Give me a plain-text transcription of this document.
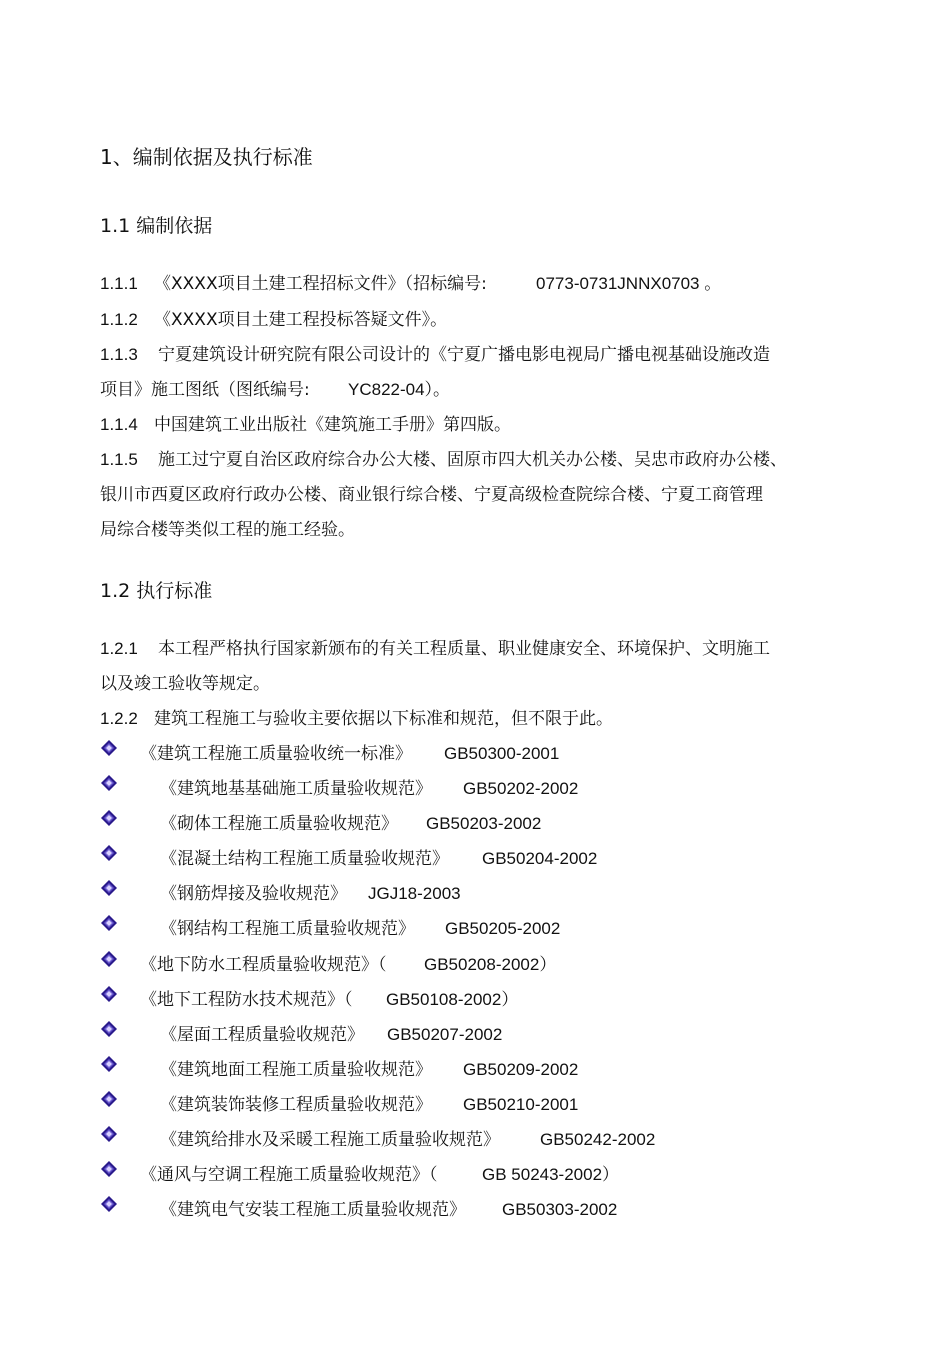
1、编制依据及执行标准
1.1 编制依据
1.1.1 《XXXX项目土建工程招标文件》（招标编号:	0773-0731JNNX0703 。
1.1.2 《XXXX项目土建工程投标答疑文件》。
1.1.3 宁夏建筑设计研究院有限公司设计的《宁夏广播电影电视局广播电视基础设施改造
项目》施工图纸（图纸编号: YC822-04）。
1.1.4 中国建筑工业出版社《建筑施工手册》第四版。
1.1.5 施工过宁夏自治区政府综合办公大楼、固原市四大机关办公楼、吴忠市政府办公楼、
银川市西夏区政府行政办公楼、商业银行综合楼、宁夏高级检查院综合楼、宁夏工商管理
局综合楼等类似工程的施工经验。
1.2 执行标准
1.2.1 本工程严格执行国家新颁布的有关工程质量、职业健康安全、环境保护、文明施工
以及竣工验收等规定。
1.2.2 建筑工程施工与验收主要依据以下标准和规范，但不限于此。
《建筑工程施工质量验收统一标准》 GB50300-2001
《建筑地基基础施工质量验收规范》 GB50202-2002
《砌体工程施工质量验收规范》 GB50203-2002
《混凝土结构工程施工质量验收规范》 GB50204-2002
《钢筋焊接及验收规范》 JGJ18-2003
《钢结构工程施工质量验收规范》 GB50205-2002
《地下防水工程质量验收规范》（ GB50208-2002）
《地下工程防水技术规范》（ GB50108-2002）
《屋面工程质量验收规范》 GB50207-2002
《建筑地面工程施工质量验收规范》 GB50209-2002
《建筑装饰装修工程质量验收规范》 GB50210-2001
《建筑给排水及采暖工程施工质量验收规范》 GB50242-2002
《通风与空调工程施工质量验收规范》（	GB 50243-2002）
《建筑电气安装工程施工质量验收规范》 GB50303-2002
